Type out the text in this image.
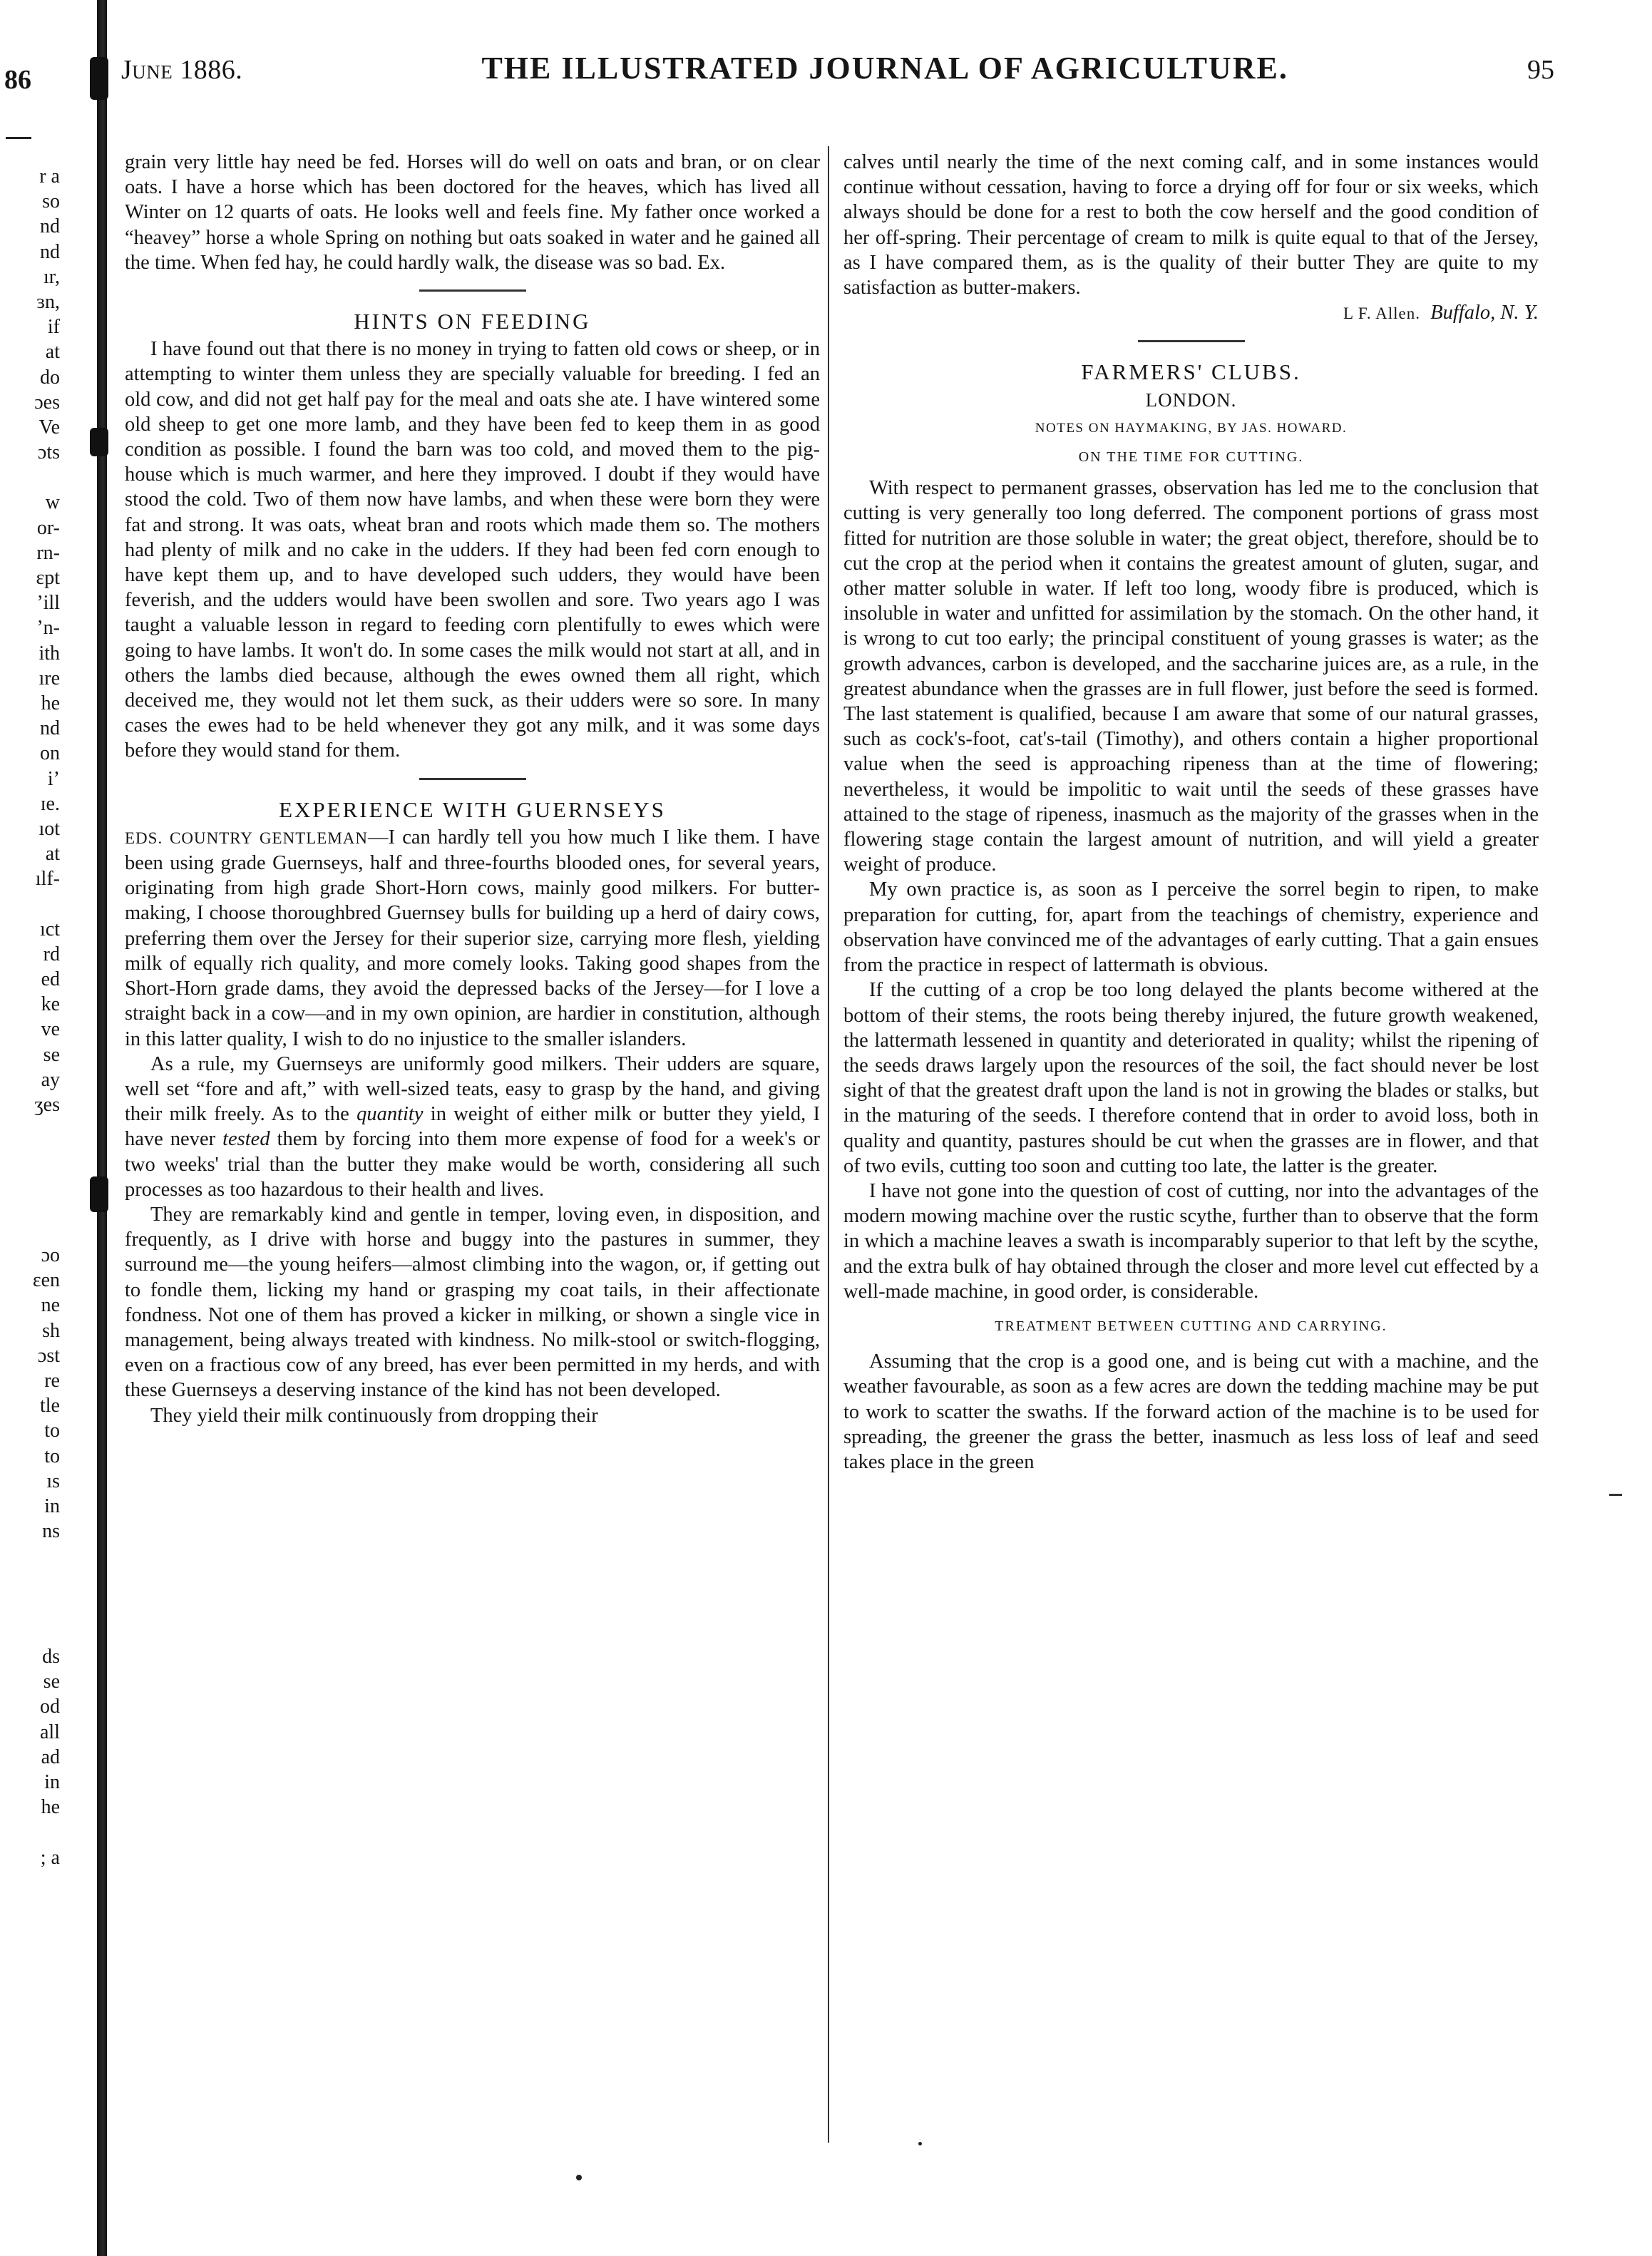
86
r a
so
nd
nd
ır,
ɜn,
if
at
do
ɔes
Ve
ɔts
w
or-
rn-
ɛpt
ʼill
ʼn-
ith
ıre
he
nd
on
iʼ
ɪe.
ıot
at
ılf-
ıct
rd
ed
ke
ve
se
ay
ʒes
ɔo
ɛen
ne
sh
ɔst
re
tle
to
to
ıs
in
ns
ds
se
od
all
ad
in
he
; a
June 1886.	THE ILLUSTRATED JOURNAL OF AGRICULTURE.	95

grain very little hay need be fed. Horses will do well on oats and bran, or on clear oats. I have a horse which has been doctored for the heaves, which has lived all Winter on 12 quarts of oats. He looks well and feels fine. My father once worked a “heavey” horse a whole Spring on nothing but oats soaked in water and he gained all the time. When fed hay, he could hardly walk, the disease was so bad. Ex.

HINTS ON FEEDING

I have found out that there is no money in trying to fatten old cows or sheep, or in attempting to winter them unless they are specially valuable for breeding. I fed an old cow, and did not get half pay for the meal and oats she ate. I have wintered some old sheep to get one more lamb, and they have been fed to keep them in as good condition as possible. I found the barn was too cold, and moved them to the pig-house which is much warmer, and here they improved. I doubt if they would have stood the cold. Two of them now have lambs, and when these were born they were fat and strong. It was oats, wheat bran and roots which made them so. The mothers had plenty of milk and no cake in the udders. If they had been fed corn enough to have kept them up, and to have developed such udders, they would have been feverish, and the udders would have been swollen and sore. Two years ago I was taught a valuable lesson in regard to feeding corn plentifully to ewes which were going to have lambs. It won't do. In some cases the milk would not start at all, and in others the lambs died because, although the ewes owned them all right, which deceived me, they would not let them suck, as their udders were so sore. In many cases the ewes had to be held whenever they got any milk, and it was some days before they would stand for them.

EXPERIENCE WITH GUERNSEYS

EDS. COUNTRY GENTLEMAN—I can hardly tell you how much I like them. I have been using grade Guernseys, half and three-fourths blooded ones, for several years, originating from high grade Short-Horn cows, mainly good milkers. For butter-making, I choose thoroughbred Guernsey bulls for building up a herd of dairy cows, preferring them over the Jersey for their superior size, carrying more flesh, yielding milk of equally rich quality, and more comely looks. Taking good shapes from the Short-Horn grade dams, they avoid the depressed backs of the Jersey—for I love a straight back in a cow—and in my own opinion, are hardier in constitution, although in this latter quality, I wish to do no injustice to the smaller islanders.

As a rule, my Guernseys are uniformly good milkers. Their udders are square, well set “fore and aft,” with well-sized teats, easy to grasp by the hand, and giving their milk freely. As to the quantity in weight of either milk or butter they yield, I have never tested them by forcing into them more expense of food for a week's or two weeks' trial than the butter they make would be worth, considering all such processes as too hazardous to their health and lives.

They are remarkably kind and gentle in temper, loving even, in disposition, and frequently, as I drive with horse and buggy into the pastures in summer, they surround me—the young heifers—almost climbing into the wagon, or, if getting out to fondle them, licking my hand or grasping my coat tails, in their affectionate fondness. Not one of them has proved a kicker in milking, or shown a single vice in management, being always treated with kindness. No milk-stool or switch-flogging, even on a fractious cow of any breed, has ever been permitted in my herds, and with these Guernseys a deserving instance of the kind has not been developed.

They yield their milk continuously from dropping their

calves until nearly the time of the next coming calf, and in some instances would continue without cessation, having to force a drying off for four or six weeks, which always should be done for a rest to both the cow herself and the good condition of her off-spring. Their percentage of cream to milk is quite equal to that of the Jersey, as I have compared them, as is the quality of their butter They are quite to my satisfaction as butter-makers.

L F. Allen. Buffalo, N. Y.

FARMERS' CLUBS.
LONDON.
NOTES ON HAYMAKING, BY JAS. HOWARD.
ON THE TIME FOR CUTTING.

With respect to permanent grasses, observation has led me to the conclusion that cutting is very generally too long deferred. The component portions of grass most fitted for nutrition are those soluble in water; the great object, therefore, should be to cut the crop at the period when it contains the greatest amount of gluten, sugar, and other matter soluble in water. If left too long, woody fibre is produced, which is insoluble in water and unfitted for assimilation by the stomach. On the other hand, it is wrong to cut too early; the principal constituent of young grasses is water; as the growth advances, carbon is developed, and the saccharine juices are, as a rule, in the greatest abundance when the grasses are in full flower, just before the seed is formed. The last statement is qualified, because I am aware that some of our natural grasses, such as cock's-foot, cat's-tail (Timothy), and others contain a higher proportional value when the seed is approaching ripeness than at the time of flowering; nevertheless, it would be impolitic to wait until the seeds of these grasses have attained to the stage of ripeness, inasmuch as the majority of the grasses when in the flowering stage contain the largest amount of nutrition, and will yield a greater weight of produce.

My own practice is, as soon as I perceive the sorrel begin to ripen, to make preparation for cutting, for, apart from the teachings of chemistry, experience and observation have convinced me of the advantages of early cutting. That a gain ensues from the practice in respect of lattermath is obvious.

If the cutting of a crop be too long delayed the plants become withered at the bottom of their stems, the roots being thereby injured, the future growth weakened, the lattermath lessened in quantity and deteriorated in quality; whilst the ripening of the seeds draws largely upon the resources of the soil, the fact should never be lost sight of that the greatest draft upon the land is not in growing the blades or stalks, but in the maturing of the seeds. I therefore contend that in order to avoid loss, both in quality and quantity, pastures should be cut when the grasses are in flower, and that of two evils, cutting too soon and cutting too late, the latter is the greater.

I have not gone into the question of cost of cutting, nor into the advantages of the modern mowing machine over the rustic scythe, further than to observe that the form in which a machine leaves a swath is incomparably superior to that left by the scythe, and the extra bulk of hay obtained through the closer and more level cut effected by a well-made machine, in good order, is considerable.

TREATMENT BETWEEN CUTTING AND CARRYING.

Assuming that the crop is a good one, and is being cut with a machine, and the weather favourable, as soon as a few acres are down the tedding machine may be put to work to scatter the swaths. If the forward action of the machine is to be used for spreading, the greener the grass the better, inasmuch as less loss of leaf and seed takes place in the green
